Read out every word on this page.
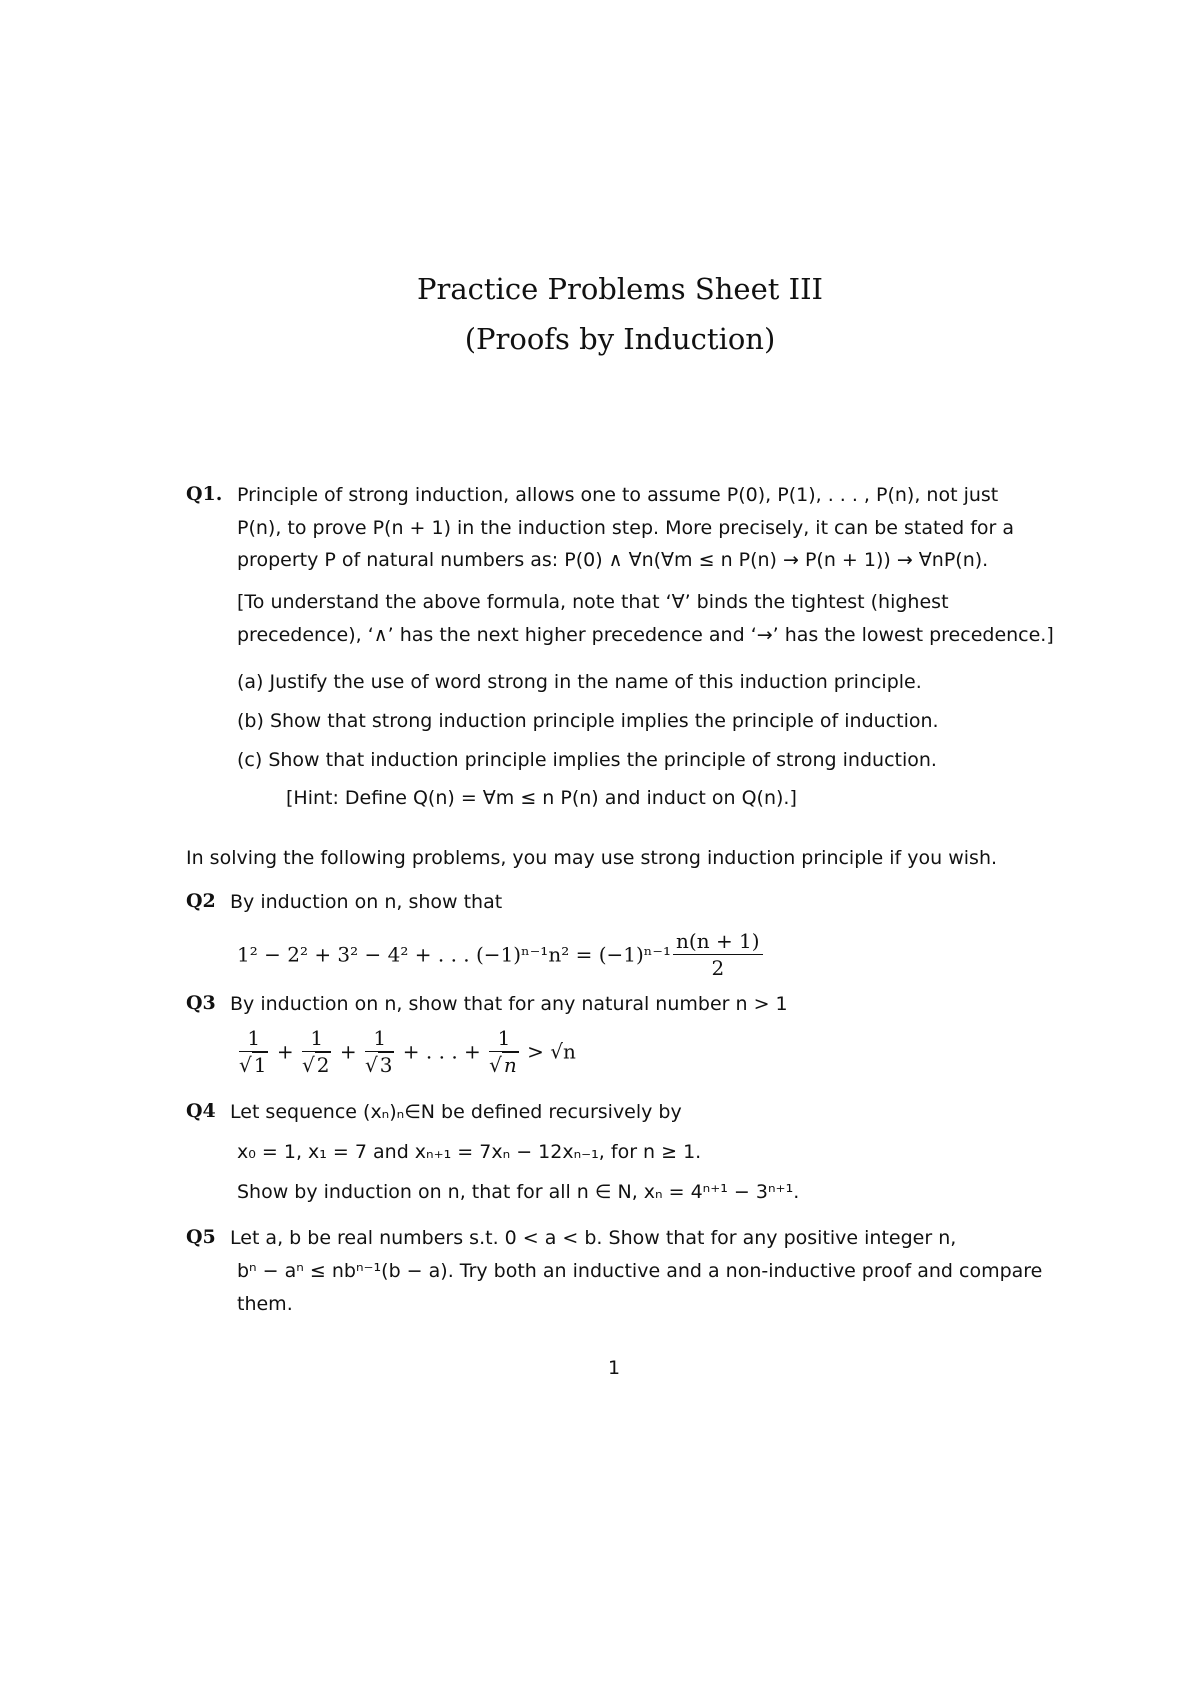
Practice Problems Sheet III
(Proofs by Induction)
Q1. Principle of strong induction, allows one to assume P(0), P(1), . . . , P(n), not just
P(n), to prove P(n + 1) in the induction step. More precisely, it can be stated for a
property P of natural numbers as: P(0) ∧ ∀n(∀m ≤ n P(n) → P(n + 1)) → ∀nP(n).
[To understand the above formula, note that ‘∀’ binds the tightest (highest
precedence), ‘∧’ has the next higher precedence and ‘→’ has the lowest precedence.]
(a) Justify the use of word strong in the name of this induction principle.
(b) Show that strong induction principle implies the principle of induction.
(c) Show that induction principle implies the principle of strong induction.
[Hint: Define Q(n) = ∀m ≤ n P(n) and induct on Q(n).]
In solving the following problems, you may use strong induction principle if you wish.
Q2 By induction on n, show that
1² − 2² + 3² − 4² + . . . $(-1)^{n-1}n^2 = (-1)^{n-1} \frac{n(n + 1)}{2}$
Q3 By induction on n, show that for any natural number n > 1
$\frac{1}{√ 1} + \frac{1}{√ 2} + \frac{1}{√ 3}$ + . . . + $\frac{1}{√ n} > √n$
Q4 Let sequence (xₙ)ₙ∈N be defined recursively by
x₀ = 1, x₁ = 7 and xₙ₊₁ = 7xₙ − 12xₙ₋₁, for n ≥ 1.
Show by induction on n, that for all n ∈ N, xₙ = 4ⁿ⁺¹ − 3ⁿ⁺¹.
Q5 Let a, b be real numbers s.t. 0 < a < b. Show that for any positive integer n,
bⁿ − aⁿ ≤ nbⁿ⁻¹(b − a). Try both an inductive and a non-inductive proof and compare
them.
1
